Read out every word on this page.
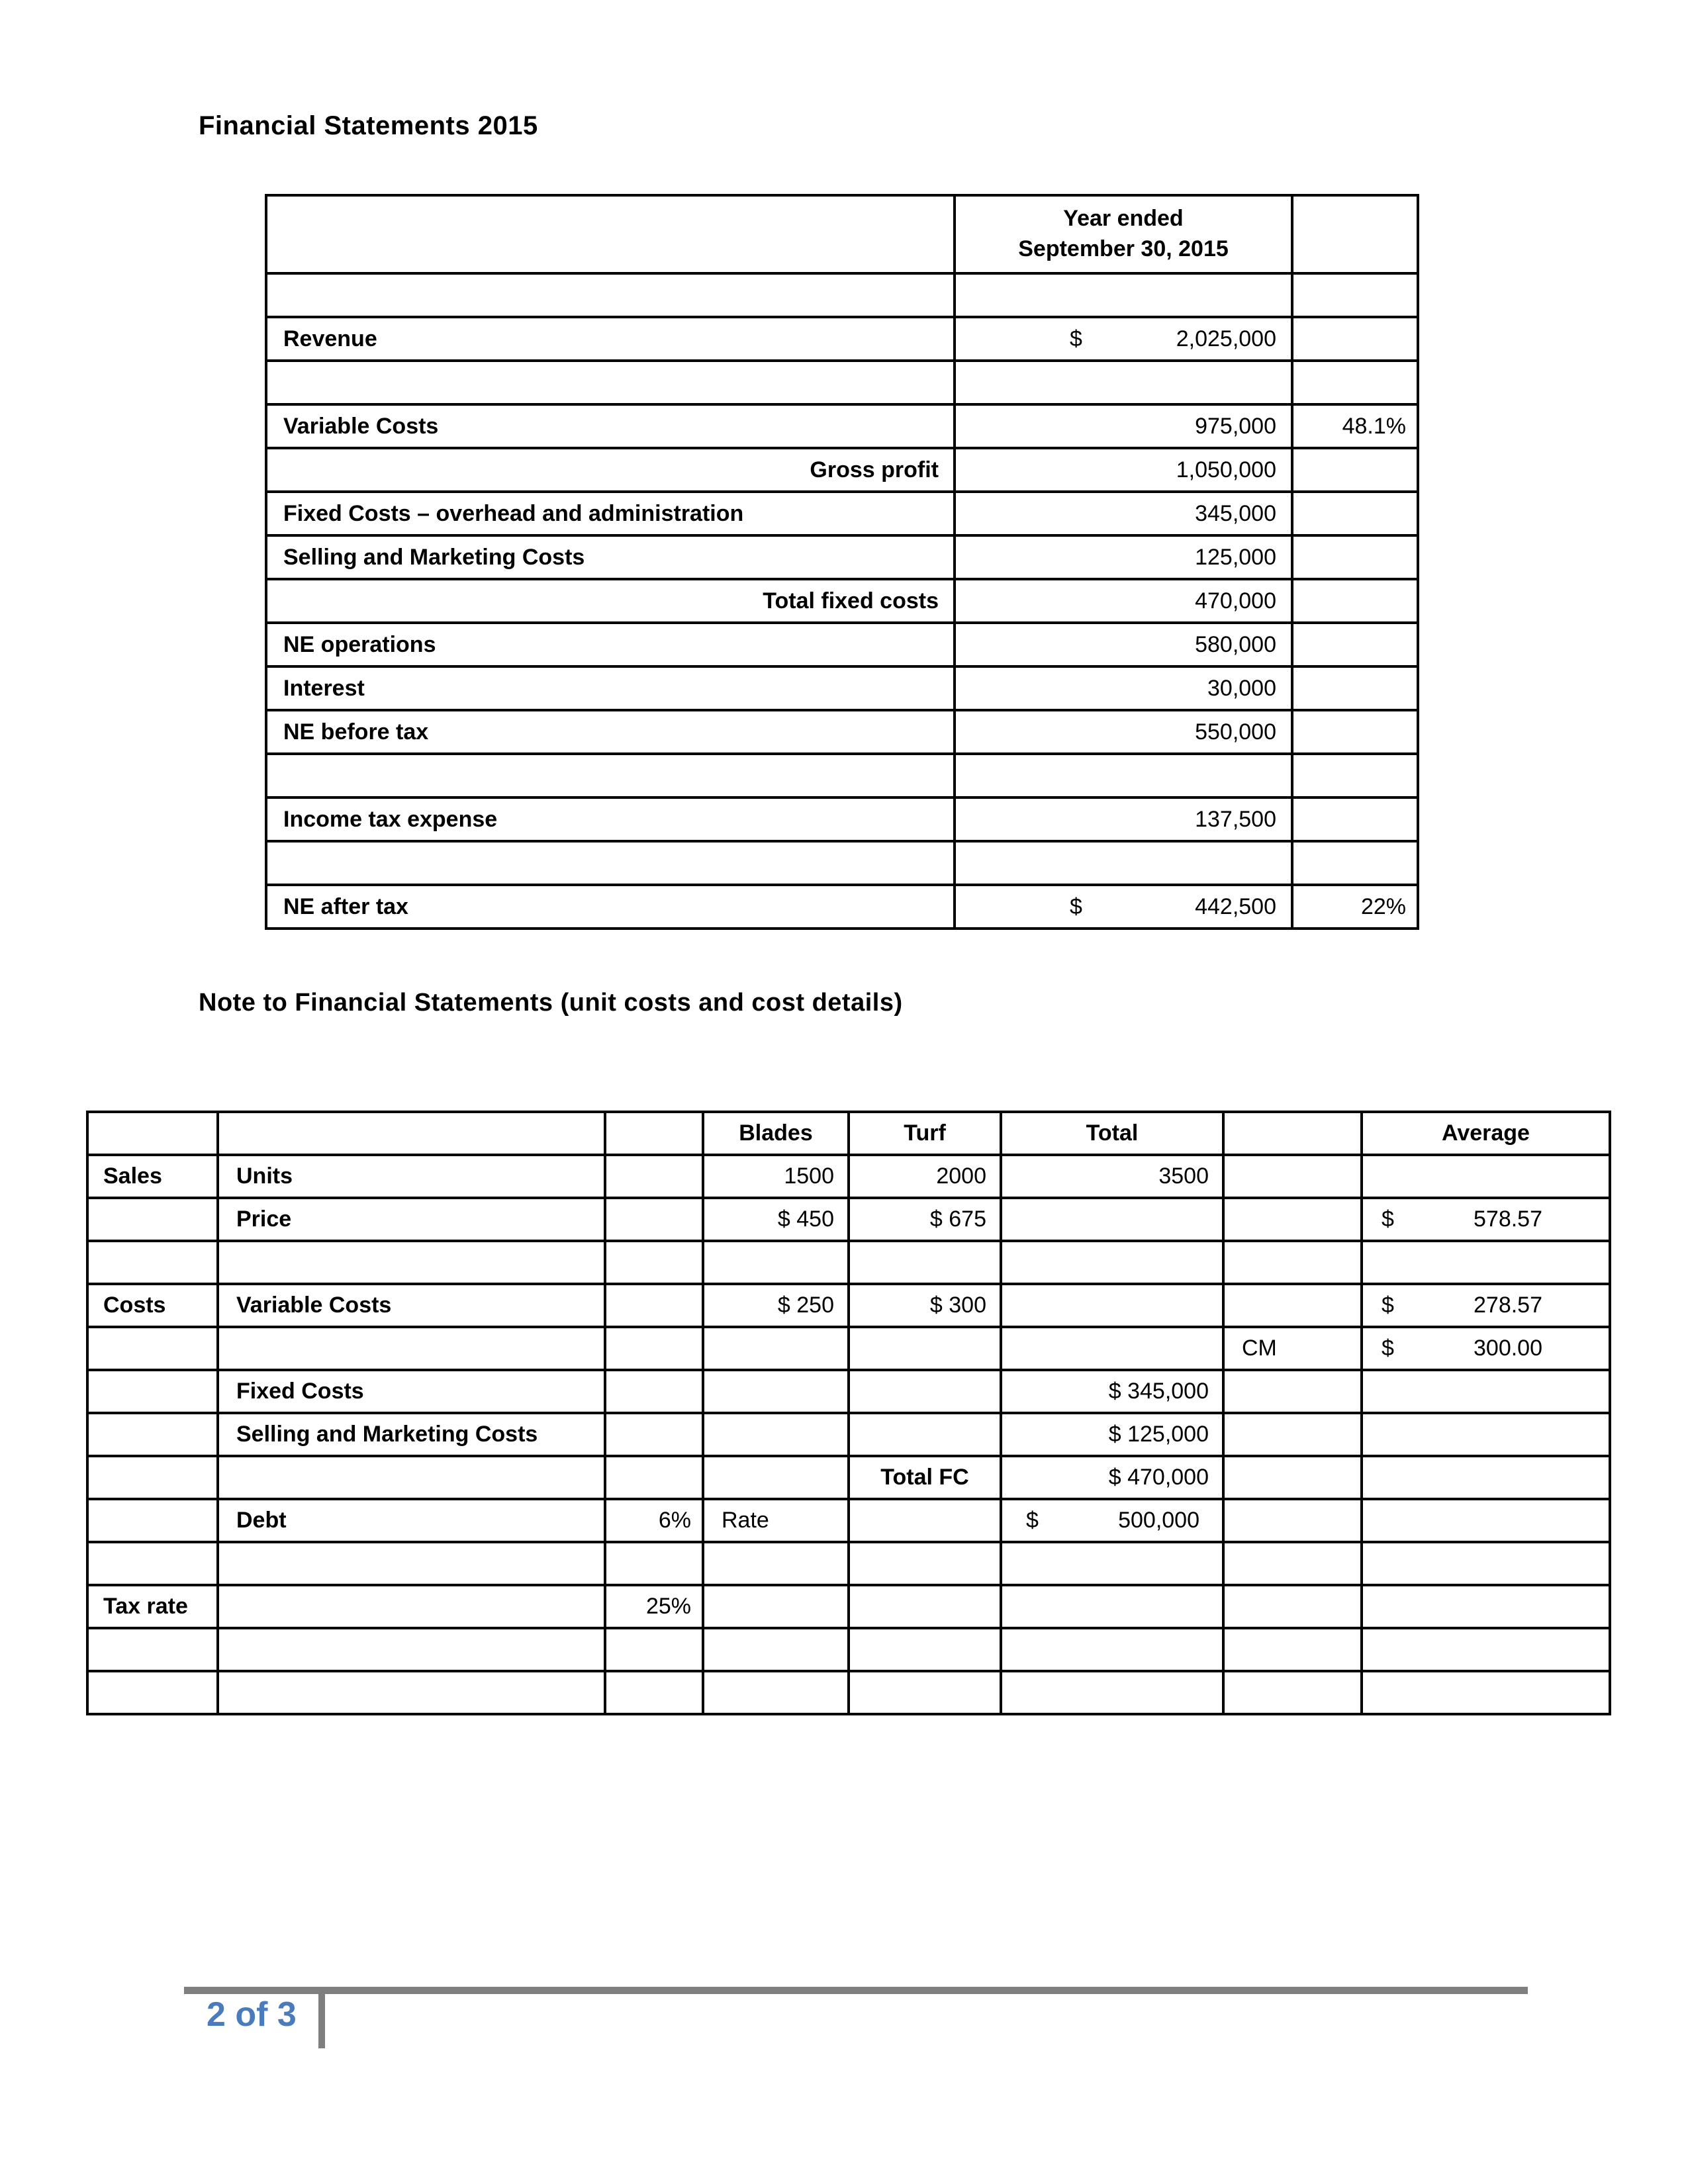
Financial Statements 2015

	Year ended
September 30, 2015	

Revenue	$ 2,025,000	

Variable Costs	975,000	48.1%
Gross profit	1,050,000	
Fixed Costs – overhead and administration	345,000	
Selling and Marketing Costs	125,000	
Total fixed costs	470,000	
NE operations	580,000	
Interest	30,000	
NE before tax	550,000	

Income tax expense	137,500	

NE after tax	$ 442,500	22%
Note to Financial Statements (unit costs and cost details)
			Blades	Turf	Total		Average
Sales	Units		1500	2000	3500		
	Price		$ 450	$ 675			$ 578.57

Costs	Variable Costs		$ 250	$ 300			$ 278.57

						CM	$ 300.00

	Fixed Costs				$ 345,000		
	Selling and Marketing Costs				$ 125,000		
				Total FC	$ 470,000		
	Debt	6%	Rate		$ 500,000		

Tax rate		25%					

2 of 3
